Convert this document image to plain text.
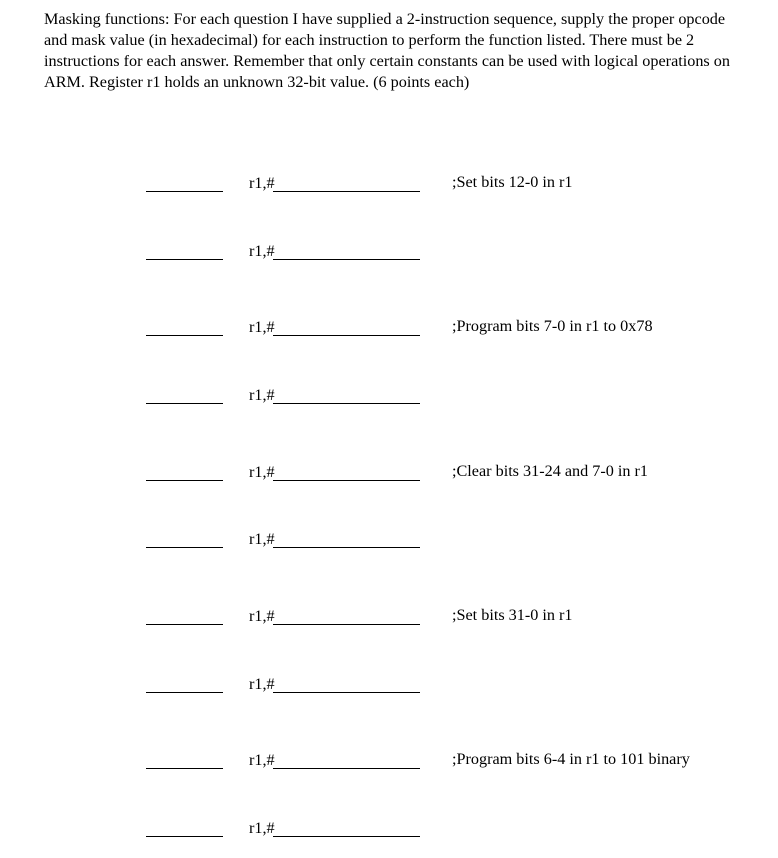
Masking functions: For each question I have supplied a 2-instruction sequence, supply the proper opcode and mask value (in hexadecimal) for each instruction to perform the function listed. There must be 2 instructions for each answer. Remember that only certain constants can be used with logical operations on ARM. Register r1 holds an unknown 32-bit value. (6 points each)

r1,#	;Set bits 12-0 in r1
r1,#
r1,#	;Program bits 7-0 in r1 to 0x78
r1,#
r1,#	;Clear bits 31-24 and 7-0 in r1
r1,#
r1,#	;Set bits 31-0 in r1
r1,#
r1,#	;Program bits 6-4 in r1 to 101 binary
r1,#
